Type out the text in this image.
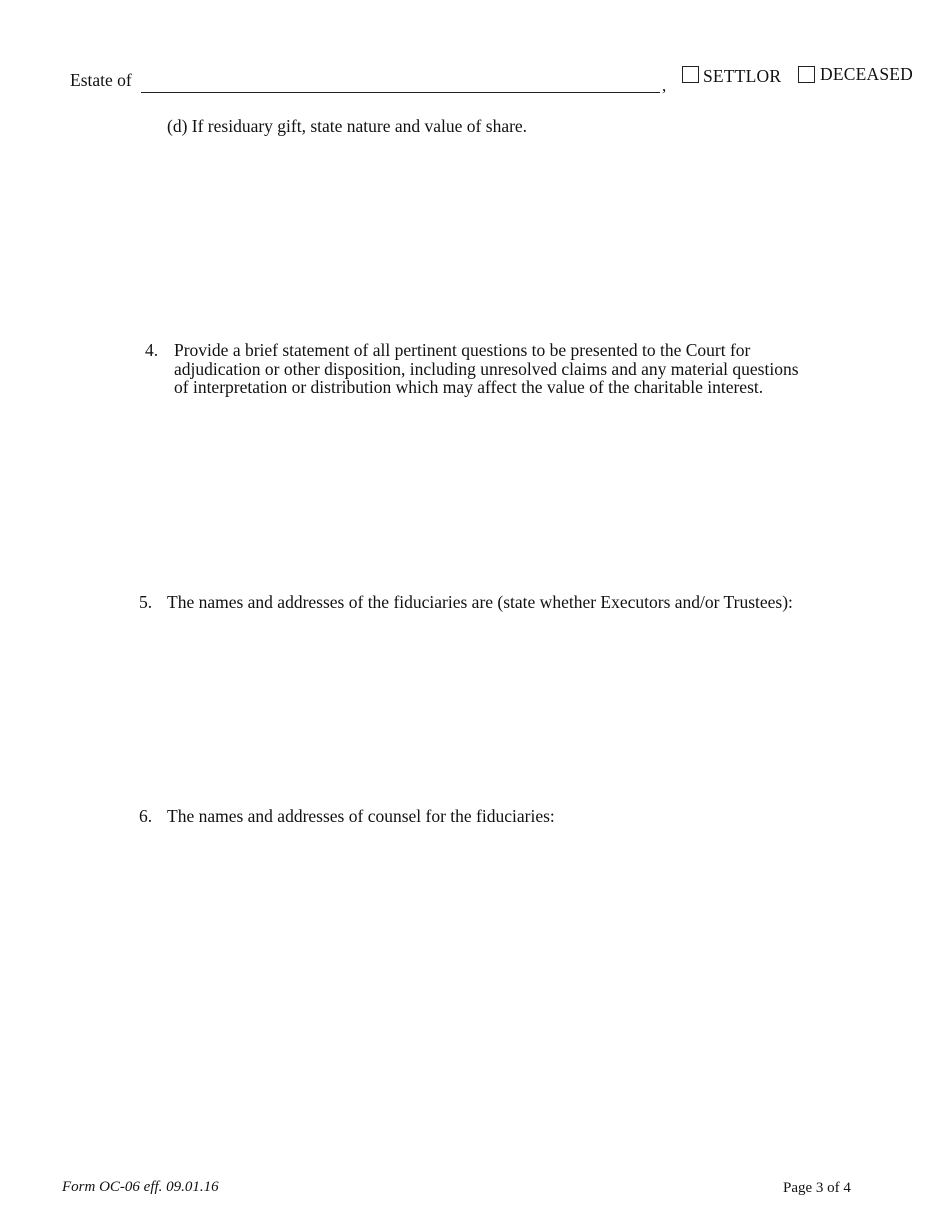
Estate of	, SETTLOR DECEASED
(d) If residuary gift, state nature and value of share.
4. Provide a brief statement of all pertinent questions to be presented to the Court for
adjudication or other disposition, including unresolved claims and any material questions
of interpretation or distribution which may affect the value of the charitable interest.
5. The names and addresses of the fiduciaries are (state whether Executors and/or Trustees):
6. The names and addresses of counsel for the fiduciaries:
Form OC-06 eff. 09.01.16	Page 3 of 4
